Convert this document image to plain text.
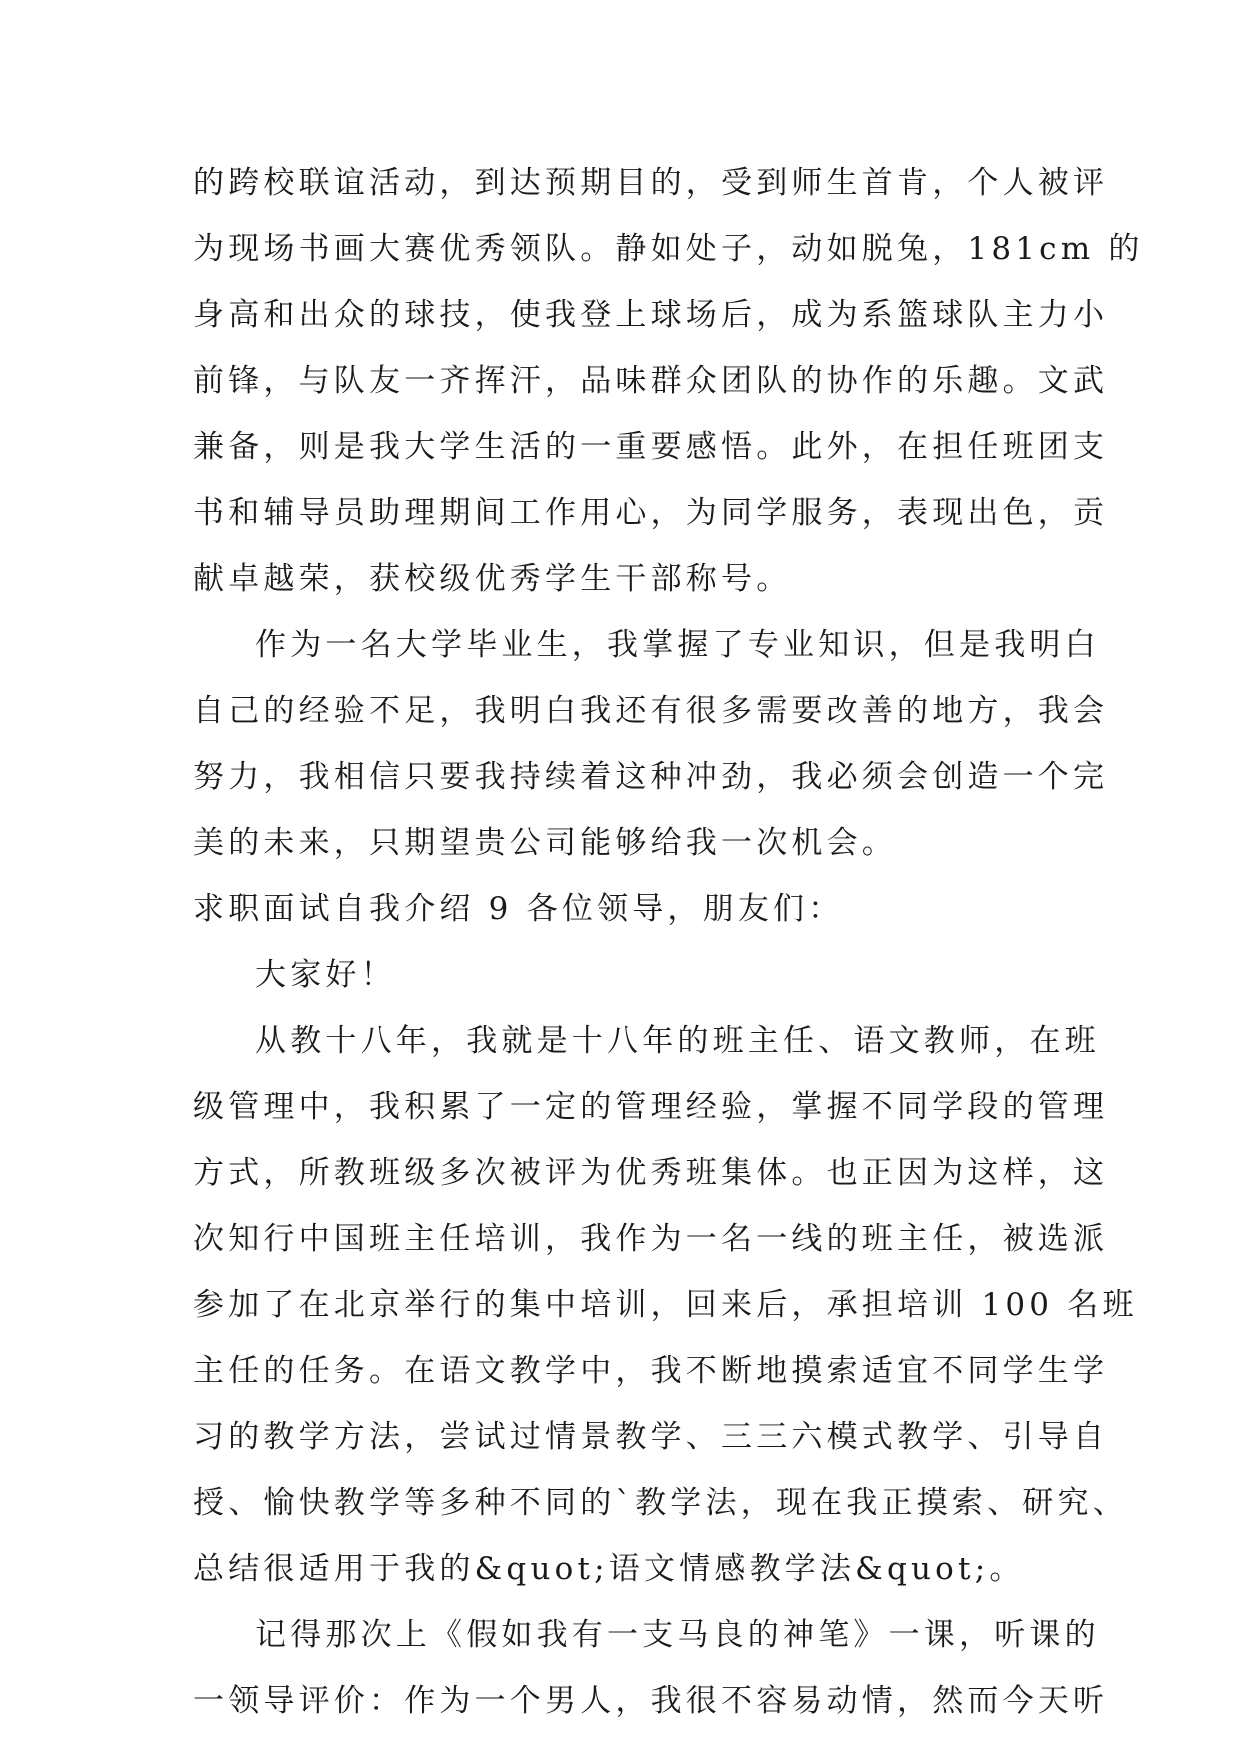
的跨校联谊活动，到达预期目的，受到师生首肯，个人被评
为现场书画大赛优秀领队。静如处子，动如脱兔，181cm 的
身高和出众的球技，使我登上球场后，成为系篮球队主力小
前锋，与队友一齐挥汗，品味群众团队的协作的乐趣。文武
兼备，则是我大学生活的一重要感悟。此外，在担任班团支
书和辅导员助理期间工作用心，为同学服务，表现出色，贡
献卓越荣，获校级优秀学生干部称号。
作为一名大学毕业生，我掌握了专业知识，但是我明白
自己的经验不足，我明白我还有很多需要改善的地方，我会
努力，我相信只要我持续着这种冲劲，我必须会创造一个完
美的未来，只期望贵公司能够给我一次机会。
求职面试自我介绍 9 各位领导，朋友们：
大家好！
从教十八年，我就是十八年的班主任、语文教师，在班
级管理中，我积累了一定的管理经验，掌握不同学段的管理
方式，所教班级多次被评为优秀班集体。也正因为这样，这
次知行中国班主任培训，我作为一名一线的班主任，被选派
参加了在北京举行的集中培训，回来后，承担培训 100 名班
主任的任务。在语文教学中，我不断地摸索适宜不同学生学
习的教学方法，尝试过情景教学、三三六模式教学、引导自
授、愉快教学等多种不同的`教学法，现在我正摸索、研究、
总结很适用于我的&quot;语文情感教学法&quot;。
记得那次上《假如我有一支马良的神笔》一课，听课的
一领导评价：作为一个男人，我很不容易动情，然而今天听
